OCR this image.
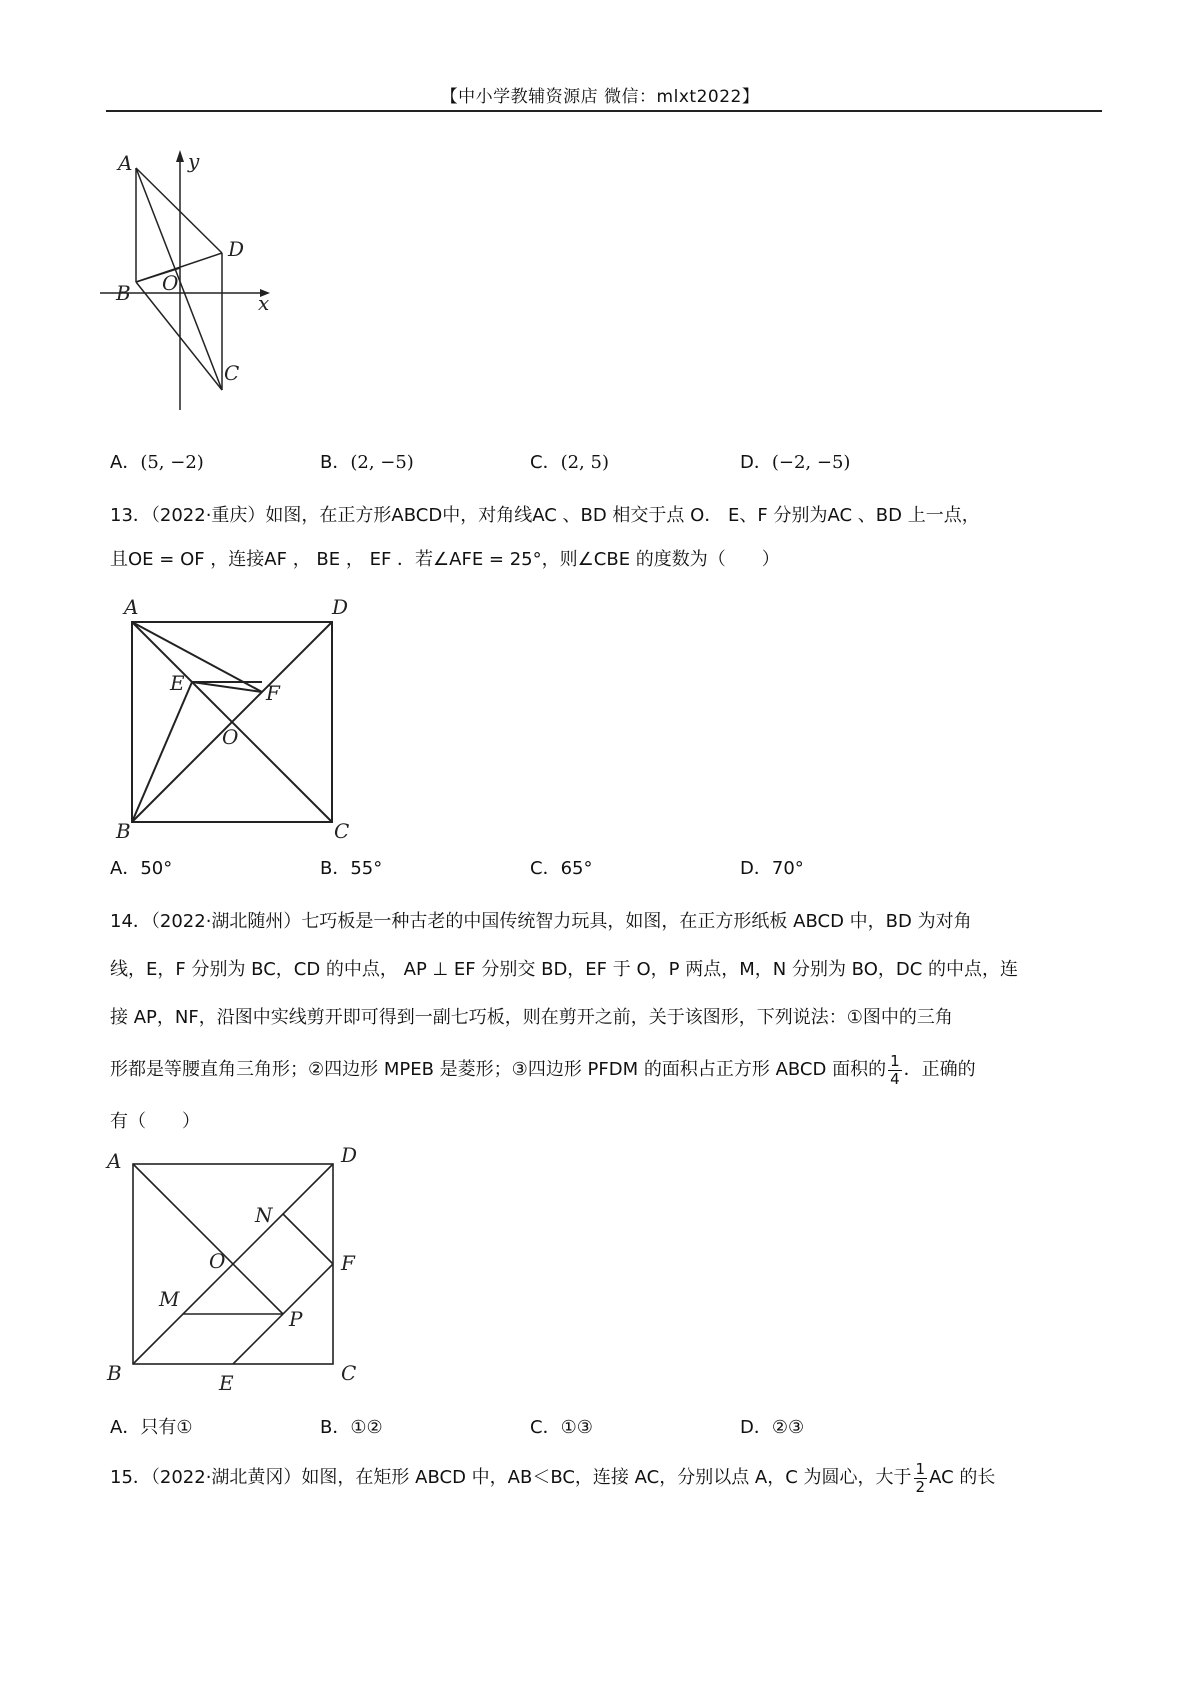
【中小学教辅资源店 微信：mlxt2022】
A
B O
D
C
x
y
A．(5, −2)	B．(2, −5)	C．(2, 5)	D．(−2, −5)

13．（2022·重庆）如图，在正方形ABCD中，对角线AC 、BD 相交于点 O． E、F 分别为AC 、BD 上一点，

且OE = OF ，连接AF ， BE ， EF ．若∠AFE = 25°，则∠CBE 的度数为（　　）

A	D
B	C
E	F
O
A．50°	B．55°	C．65°	D．70°

14．（2022·湖北随州）七巧板是一种古老的中国传统智力玩具，如图，在正方形纸板 ABCD 中，BD 为对角

线，E，F 分别为 BC，CD 的中点， AP ⊥ EF 分别交 BD，EF 于 O，P 两点，M，N 分别为 BO，DC 的中点，连

接 AP，NF，沿图中实线剪开即可得到一副七巧板，则在剪开之前，关于该图形，下列说法：①图中的三角

形都是等腰直角三角形；②四边形 MPEB 是菱形；③四边形 PFDM 的面积占正方形 ABCD 面积的 $\frac{1}{4}$ ．正确的

有（　　）

A	D
B	C
E
F
M
N
O
P
A．只有①	B．①②	C．①③	D．②③

15．（2022·湖北黄冈）如图，在矩形 ABCD 中，AB＜BC，连接 AC，分别以点 A，C 为圆心，大于 $\frac{1}{2}$ AC 的长
